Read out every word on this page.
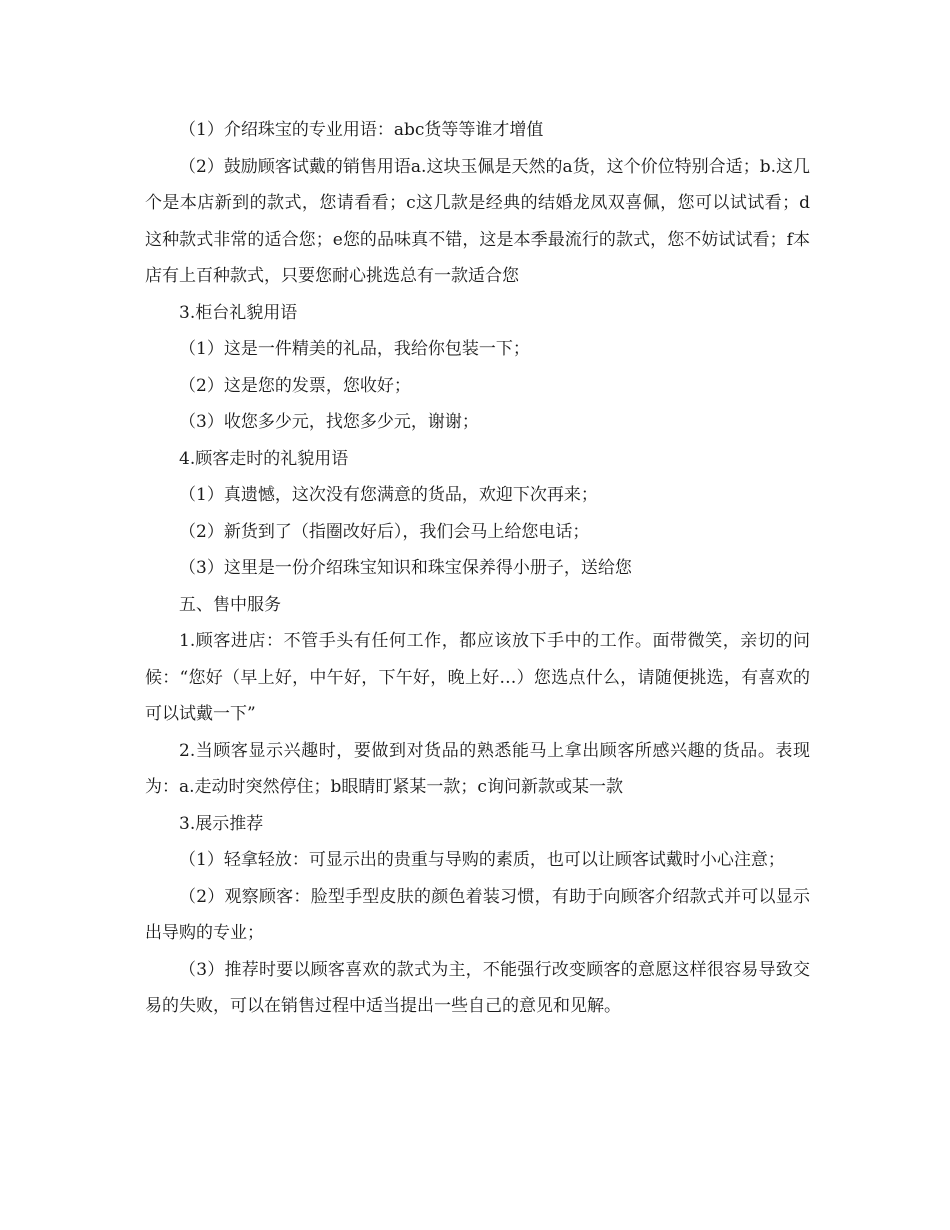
（1）介绍珠宝的专业用语：abc货等等谁才增值

（2）鼓励顾客试戴的销售用语a.这块玉佩是天然的a货，这个价位特别合适；b.这几个是本店新到的款式，您请看看；c这几款是经典的结婚龙凤双喜佩，您可以试试看；d这种款式非常的适合您；e您的品味真不错，这是本季最流行的款式，您不妨试试看；f本店有上百种款式，只要您耐心挑选总有一款适合您

3.柜台礼貌用语

（1）这是一件精美的礼品，我给你包装一下；

（2）这是您的发票，您收好；

（3）收您多少元，找您多少元，谢谢；

4.顾客走时的礼貌用语

（1）真遗憾，这次没有您满意的货品，欢迎下次再来；

（2）新货到了（指圈改好后），我们会马上给您电话；

（3）这里是一份介绍珠宝知识和珠宝保养得小册子，送给您

五、售中服务

1.顾客进店：不管手头有任何工作，都应该放下手中的工作。面带微笑，亲切的问候：“您好（早上好，中午好，下午好，晚上好…）您选点什么，请随便挑选，有喜欢的可以试戴一下”

2.当顾客显示兴趣时，要做到对货品的熟悉能马上拿出顾客所感兴趣的货品。表现为：a.走动时突然停住；b眼睛盯紧某一款；c询问新款或某一款

3.展示推荐

（1）轻拿轻放：可显示出的贵重与导购的素质，也可以让顾客试戴时小心注意；

（2）观察顾客：脸型手型皮肤的颜色着装习惯，有助于向顾客介绍款式并可以显示出导购的专业；

（3）推荐时要以顾客喜欢的款式为主，不能强行改变顾客的意愿这样很容易导致交易的失败，可以在销售过程中适当提出一些自己的意见和见解。
